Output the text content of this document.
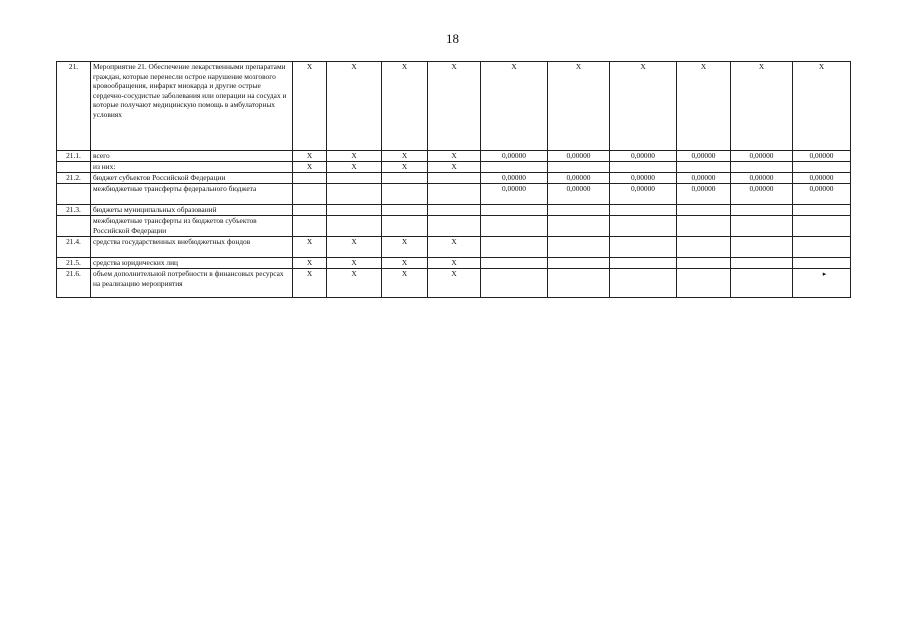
18
21.	Мероприятие 21. Обеспечение лекарственными препаратами граждан, которые перенесли острое нарушение мозгового кровообращения, инфаркт миокарда и другие острые сердечно-сосудистые заболевания или операции на сосудах и которые получают медицинскую помощь в амбулаторных условиях	X	X	X	X	X	X	X	X	X	X
21.1.	всего	X	X	X	X	0,00000	0,00000	0,00000	0,00000	0,00000	0,00000
	из них:	X	X	X	X						
21.2.	бюджет субъектов Российской Федерации					0,00000	0,00000	0,00000	0,00000	0,00000	0,00000
	межбюджетные трансферты федерального бюджета					0,00000	0,00000	0,00000	0,00000	0,00000	0,00000
21.3.	бюджеты муниципальных образований										
	межбюджетные трансферты из бюджетов субъектов Российской Федерации										
21.4.	средства государственных внебюджетных фондов	X	X	X	X						
21.5.	средства юридических лиц	X	X	X	X						
21.6.	объем дополнительной потребности в финансовых ресурсах на реализацию мероприятия	X	X	X	X						▸
